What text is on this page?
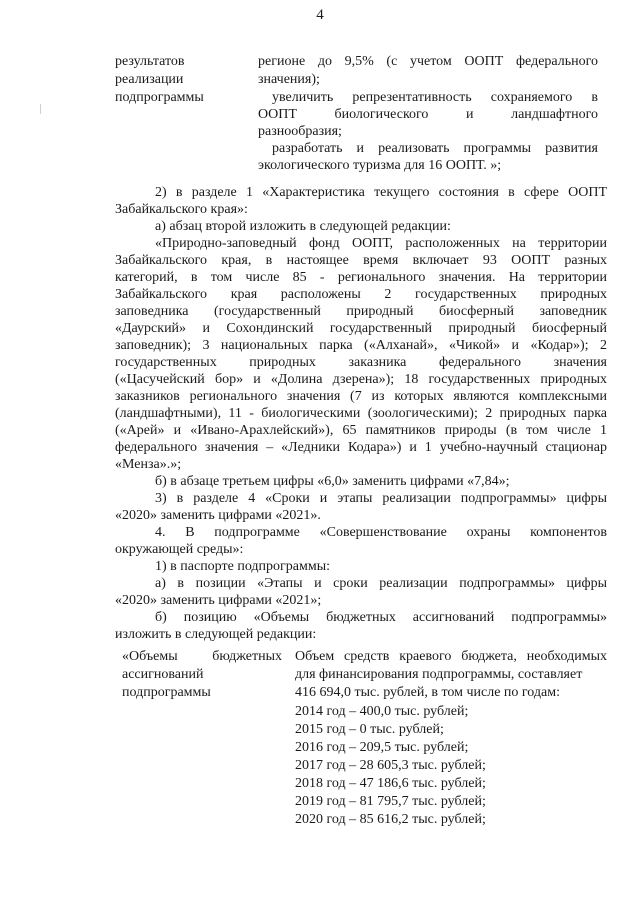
4
результатов
реализации
подпрограммы
регионе до 9,5% (с учетом ООПТ федерального
значения);
увеличить репрезентативность сохраняемого в
ООПТ биологического и ландшафтного
разнообразия;
разработать и реализовать программы развития
экологического туризма для 16 ООПТ. »;
2) в разделе 1 «Характеристика текущего состояния в сфере ООПТ
Забайкальского края»:
а) абзац второй изложить в следующей редакции:
«Природно-заповедный фонд ООПТ, расположенных на территории
Забайкальского края, в настоящее время включает 93 ООПТ разных
категорий, в том числе 85 - регионального значения. На территории
Забайкальского края расположены 2 государственных природных
заповедника (государственный природный биосферный заповедник
«Даурский» и Сохондинский государственный природный биосферный
заповедник); 3 национальных парка («Алханай», «Чикой» и «Кодар»); 2
государственных природных заказника федерального значения
(«Цасучейский бор» и «Долина дзерена»); 18 государственных природных
заказников регионального значения (7 из которых являются комплексными
(ландшафтными), 11 - биологическими (зоологическими); 2 природных парка
(«Арей» и «Ивано-Арахлейский»), 65 памятников природы (в том числе 1
федерального значения – «Ледники Кодара») и 1 учебно-научный стационар
«Менза».»;
б) в абзаце третьем цифры «6,0» заменить цифрами «7,84»;
3) в разделе 4 «Сроки и этапы реализации подпрограммы» цифры
«2020» заменить цифрами «2021».
4. В подпрограмме «Совершенствование охраны компонентов
окружающей среды»:
1) в паспорте подпрограммы:
а) в позиции «Этапы и сроки реализации подпрограммы» цифры
«2020» заменить цифрами «2021»;
б) позицию «Объемы бюджетных ассигнований подпрограммы»
изложить в следующей редакции:
«Объемы бюджетных
ассигнований
подпрограммы
Объем средств краевого бюджета, необходимых
для финансирования подпрограммы, составляет
416 694,0 тыс. рублей, в том числе по годам:
2014 год – 400,0 тыс. рублей;
2015 год – 0 тыс. рублей;
2016 год – 209,5 тыс. рублей;
2017 год – 28 605,3 тыс. рублей;
2018 год – 47 186,6 тыс. рублей;
2019 год – 81 795,7 тыс. рублей;
2020 год – 85 616,2 тыс. рублей;
